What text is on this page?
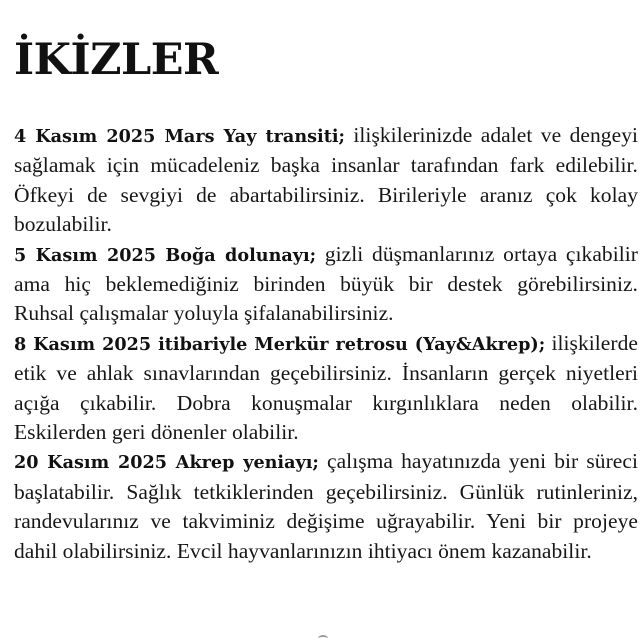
İKİZLER

4 Kasım 2025 Mars Yay transiti; ilişkilerinizde adalet ve dengeyi sağlamak için mücadeleniz başka insanlar tarafından fark edilebilir. Öfkeyi de sevgiyi de abartabilirsiniz. Birileriyle aranız çok kolay bozulabilir.

5 Kasım 2025 Boğa dolunayı; gizli düşmanlarınız ortaya çıkabilir ama hiç beklemediğiniz birinden büyük bir destek görebilirsiniz. Ruhsal çalışmalar yoluyla şifalanabilirsiniz.

8 Kasım 2025 itibariyle Merkür retrosu (Yay&Akrep); ilişkilerde etik ve ahlak sınavlarından geçebilirsiniz. İnsanların gerçek niyetleri açığa çıkabilir. Dobra konuşmalar kırgınlıklara neden olabilir. Eskilerden geri dönenler olabilir.

20 Kasım 2025 Akrep yeniayı; çalışma hayatınızda yeni bir süreci başlatabilir. Sağlık tetkiklerinden geçebilirsiniz. Günlük rutinleriniz, randevularınız ve takviminiz değişime uğrayabilir. Yeni bir projeye dahil olabilirsiniz. Evcil hayvanlarınızın ihtiyacı önem kazanabilir.
